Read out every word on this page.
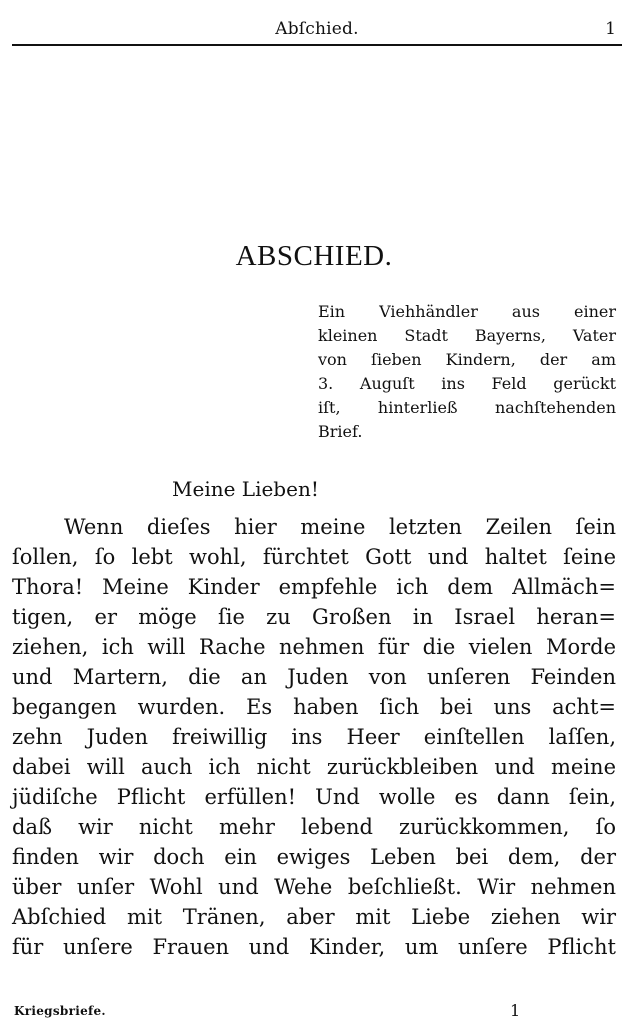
Abſchied.	1
ABSCHIED.
Ein Viehhändler aus einer
kleinen Stadt Bayerns, Vater
von ſieben Kindern, der am
3. Auguſt ins Feld gerückt
iſt, hinterließ nachſtehenden
Brief.
Meine Lieben!
Wenn dieſes hier meine letzten Zeilen ſein
ſollen, ſo lebt wohl, fürchtet Gott und haltet ſeine
Thora! Meine Kinder empfehle ich dem Allmäch=
tigen, er möge ſie zu Großen in Israel heran=
ziehen, ich will Rache nehmen für die vielen Morde
und Martern, die an Juden von unſeren Feinden
begangen wurden. Es haben ſich bei uns acht=
zehn Juden freiwillig ins Heer einſtellen laſſen,
dabei will auch ich nicht zurückbleiben und meine
jüdiſche Pflicht erfüllen! Und wolle es dann ſein,
daß wir nicht mehr lebend zurückkommen, ſo
finden wir doch ein ewiges Leben bei dem, der
über unſer Wohl und Wehe beſchließt. Wir nehmen
Abſchied mit Tränen, aber mit Liebe ziehen wir
für unſere Frauen und Kinder, um unſere Pflicht
Kriegsbriefe.	1
